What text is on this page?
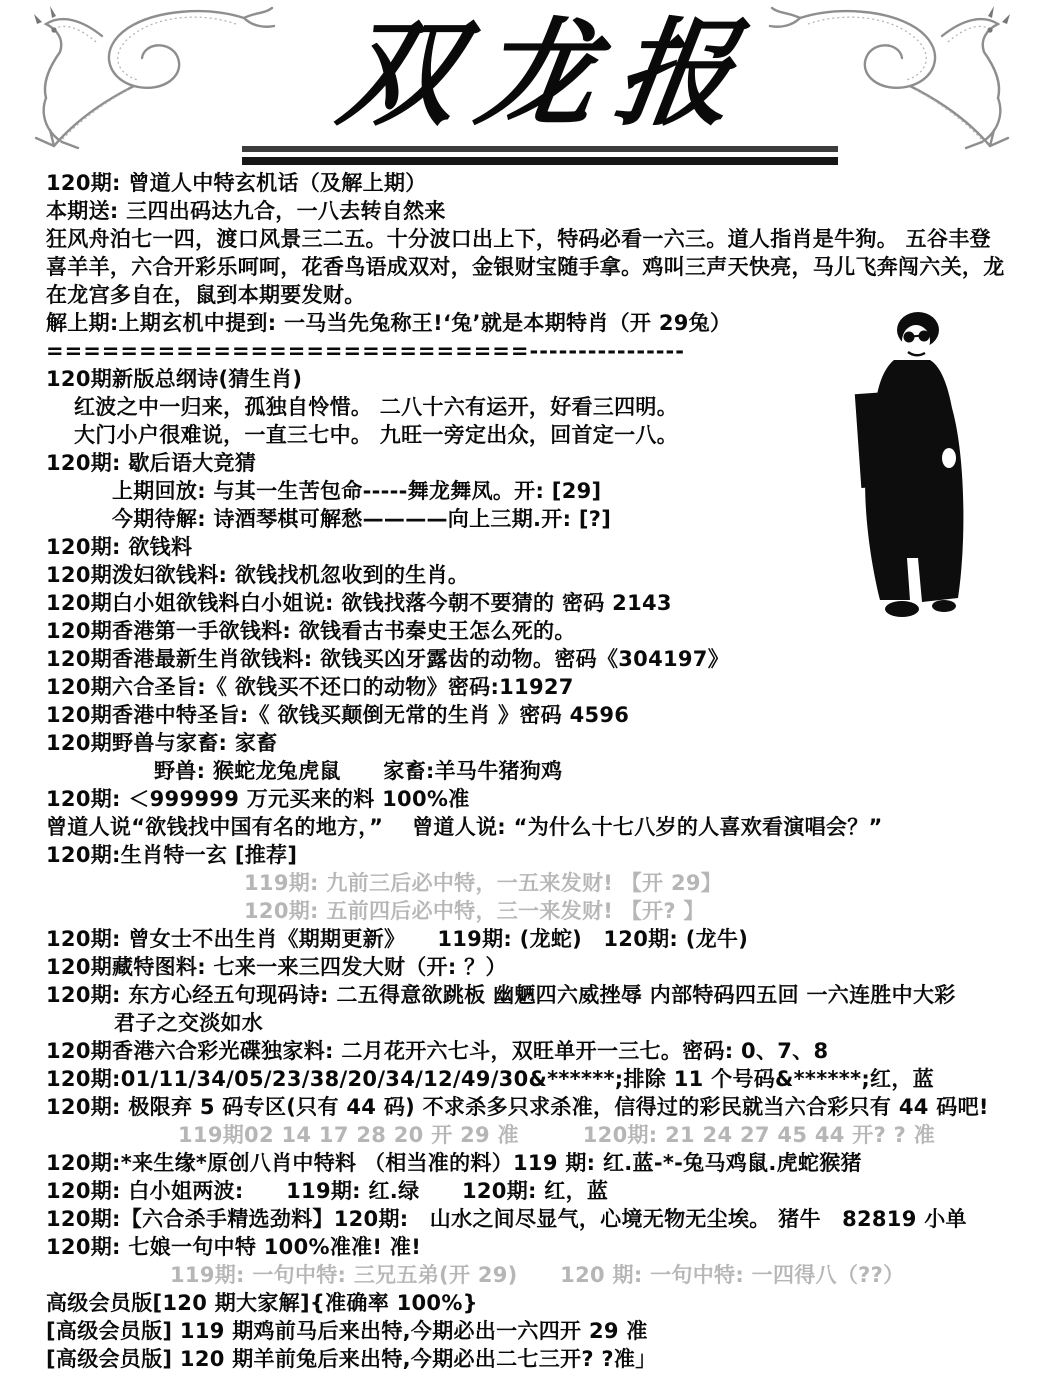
双龙报
120期: 曾道人中特玄机话（及解上期）
本期送: 三四出码达九合，一八去转自然来
狂风舟泊七一四，渡口风景三二五。十分波口出上下，特码必看一六三。道人指肖是牛狗。 五谷丰登
喜羊羊，六合开彩乐呵呵，花香鸟语成双对，金银财宝随手拿。鸡叫三声天快亮，马儿飞奔闯六关，龙
在龙宫多自在，鼠到本期要发财。
解上期:上期玄机中提到: 一马当先兔称王!‘兔’就是本期特肖（开 29兔）
==========================----------------
120期新版总纲诗(猜生肖)
红波之中一归来，孤独自怜惜。 二八十六有运开，好看三四明。
大门小户很难说，一直三七中。 九旺一旁定出众，回首定一八。
120期: 歇后语大竞猜
上期回放: 与其一生苦包命-----舞龙舞凤。开: [29]
今期待解: 诗酒琴棋可解愁————向上三期.开: [?]
120期: 欲钱料
120期泼妇欲钱料: 欲钱找机忽收到的生肖。
120期白小姐欲钱料白小姐说: 欲钱找落今朝不要猜的 密码 2143
120期香港第一手欲钱料: 欲钱看古书秦史王怎么死的。
120期香港最新生肖欲钱料: 欲钱买凶牙露齿的动物。密码《304197》
120期六合圣旨:《 欲钱买不还口的动物》密码:11927
120期香港中特圣旨:《 欲钱买颠倒无常的生肖 》密码 4596
120期野兽与家畜: 家畜
野兽: 猴蛇龙兔虎鼠　　家畜:羊马牛猪狗鸡
120期: ＜999999 万元买来的料 100%准
曾道人说“欲钱找中国有名的地方，”　 曾道人说: “为什么十七八岁的人喜欢看演唱会？”
120期:生肖特一玄 [推荐]
119期: 九前三后必中特，一五来发财! 【开 29】
120期: 五前四后必中特，三一来发财! 【开? 】
120期: 曾女士不出生肖《期期更新》　　119期: (龙蛇)　120期: (龙牛)
120期藏特图料: 七来一来三四发大财（开: ？）
120期: 东方心经五句现码诗: 二五得意欲跳板 幽魉四六威挫辱 内部特码四五回 一六连胜中大彩
君子之交淡如水
120期香港六合彩光碟独家料: 二月花开六七斗，双旺单开一三七。密码: 0、7、8
120期:01/11/34/05/23/38/20/34/12/49/30&******;排除 11 个号码&******;红，蓝
120期: 极限弃 5 码专区(只有 44 码) 不求杀多只求杀准，信得过的彩民就当六合彩只有 44 码吧!
119期02 14 17 28 20 开 29 准　　　120期: 21 24 27 45 44 开? ? 准
120期:*来生缘*原创八肖中特料 （相当准的料）119 期: 红.蓝-*-兔马鸡鼠.虎蛇猴猪
120期: 白小姐两波:　　119期: 红.绿　　120期: 红，蓝
120期:【六合杀手精选劲料】120期:　山水之间尽显气，心境无物无尘埃。 猪牛　82819 小单
120期: 七娘一句中特 100%准准! 准!
119期: 一句中特: 三兄五弟(开 29)　　120 期: 一句中特: 一四得八（??）
高级会员版[120 期大家解]{准确率 100%}
[高级会员版] 119 期鸡前马后来出特,今期必出一六四开 29 准
[高级会员版] 120 期羊前兔后来出特,今期必出二七三开? ?准」
